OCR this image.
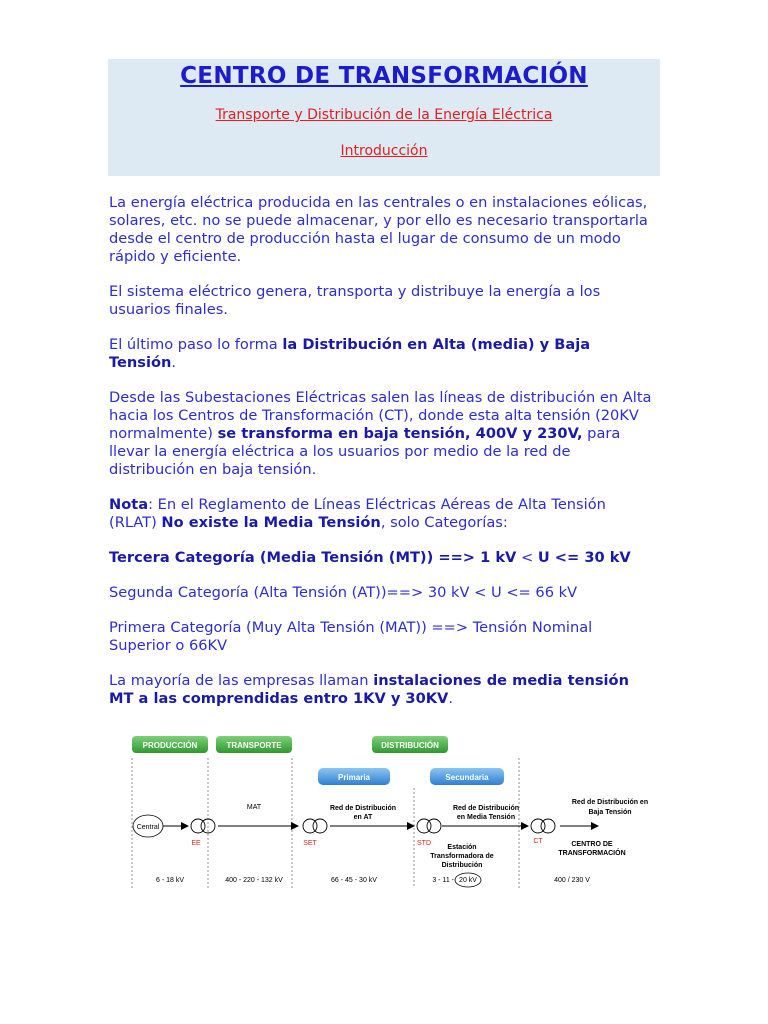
CENTRO DE TRANSFORMACIÓN
Transporte y Distribución de la Energía Eléctrica
Introducción

La energía eléctrica producida en las centrales o en instalaciones eólicas, solares, etc. no se puede almacenar, y por ello es necesario transportarla desde el centro de producción hasta el lugar de consumo de un modo rápido y eficiente.

El sistema eléctrico genera, transporta y distribuye la energía a los usuarios finales.

El último paso lo forma la Distribución en Alta (media) y Baja Tensión.

Desde las Subestaciones Eléctricas salen las líneas de distribución en Alta hacia los Centros de Transformación (CT), donde esta alta tensión (20KV normalmente) se transforma en baja tensión, 400V y 230V, para llevar la energía eléctrica a los usuarios por medio de la red de distribución en baja tensión.

Nota: En el Reglamento de Líneas Eléctricas Aéreas de Alta Tensión (RLAT) No existe la Media Tensión, solo Categorías:

Tercera Categoría (Media Tensión (MT)) ==> 1 kV < U <= 30 kV

Segunda Categoría (Alta Tensión (AT))==> 30 kV < U <= 66 kV

Primera Categoría (Muy Alta Tensión (MAT)) ==> Tensión Nominal Superior o 66KV

La mayoría de las empresas llaman instalaciones de media tensión MT a las comprendidas entro 1KV y 30KV.

PRODUCCIÓN	TRANSPORTE	DISTRIBUCIÓN
Primaria	Secundaria
Central
EE	SET	STD	CT
MAT	Red de Distribución
en AT
Red de Distribución
en Media Tensión
Red de Distribución en
Baja Tensión
Estación
Transformadora de
Distribución
CENTRO DE
TRANSFORMACIÓN
6 - 18 kV	400 - 220 - 132 kV	66 - 45 - 30 kV	3 - 11 - 20 kV	400 / 230 V
